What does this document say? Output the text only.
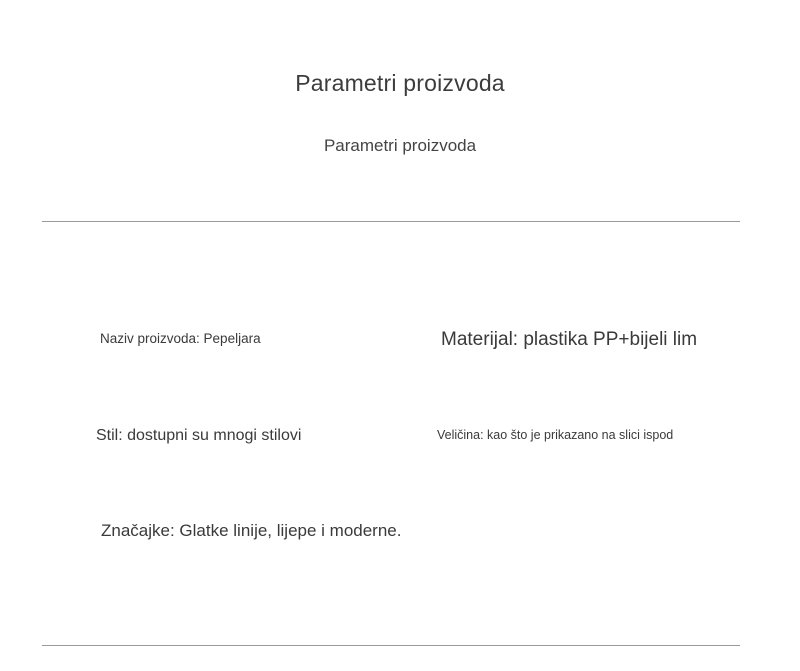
Parametri proizvoda
Parametri proizvoda
Naziv proizvoda: Pepeljara	Materijal: plastika PP+bijeli lim
Stil: dostupni su mnogi stilovi	Veličina: kao što je prikazano na slici ispod
Značajke: Glatke linije, lijepe i moderne.
